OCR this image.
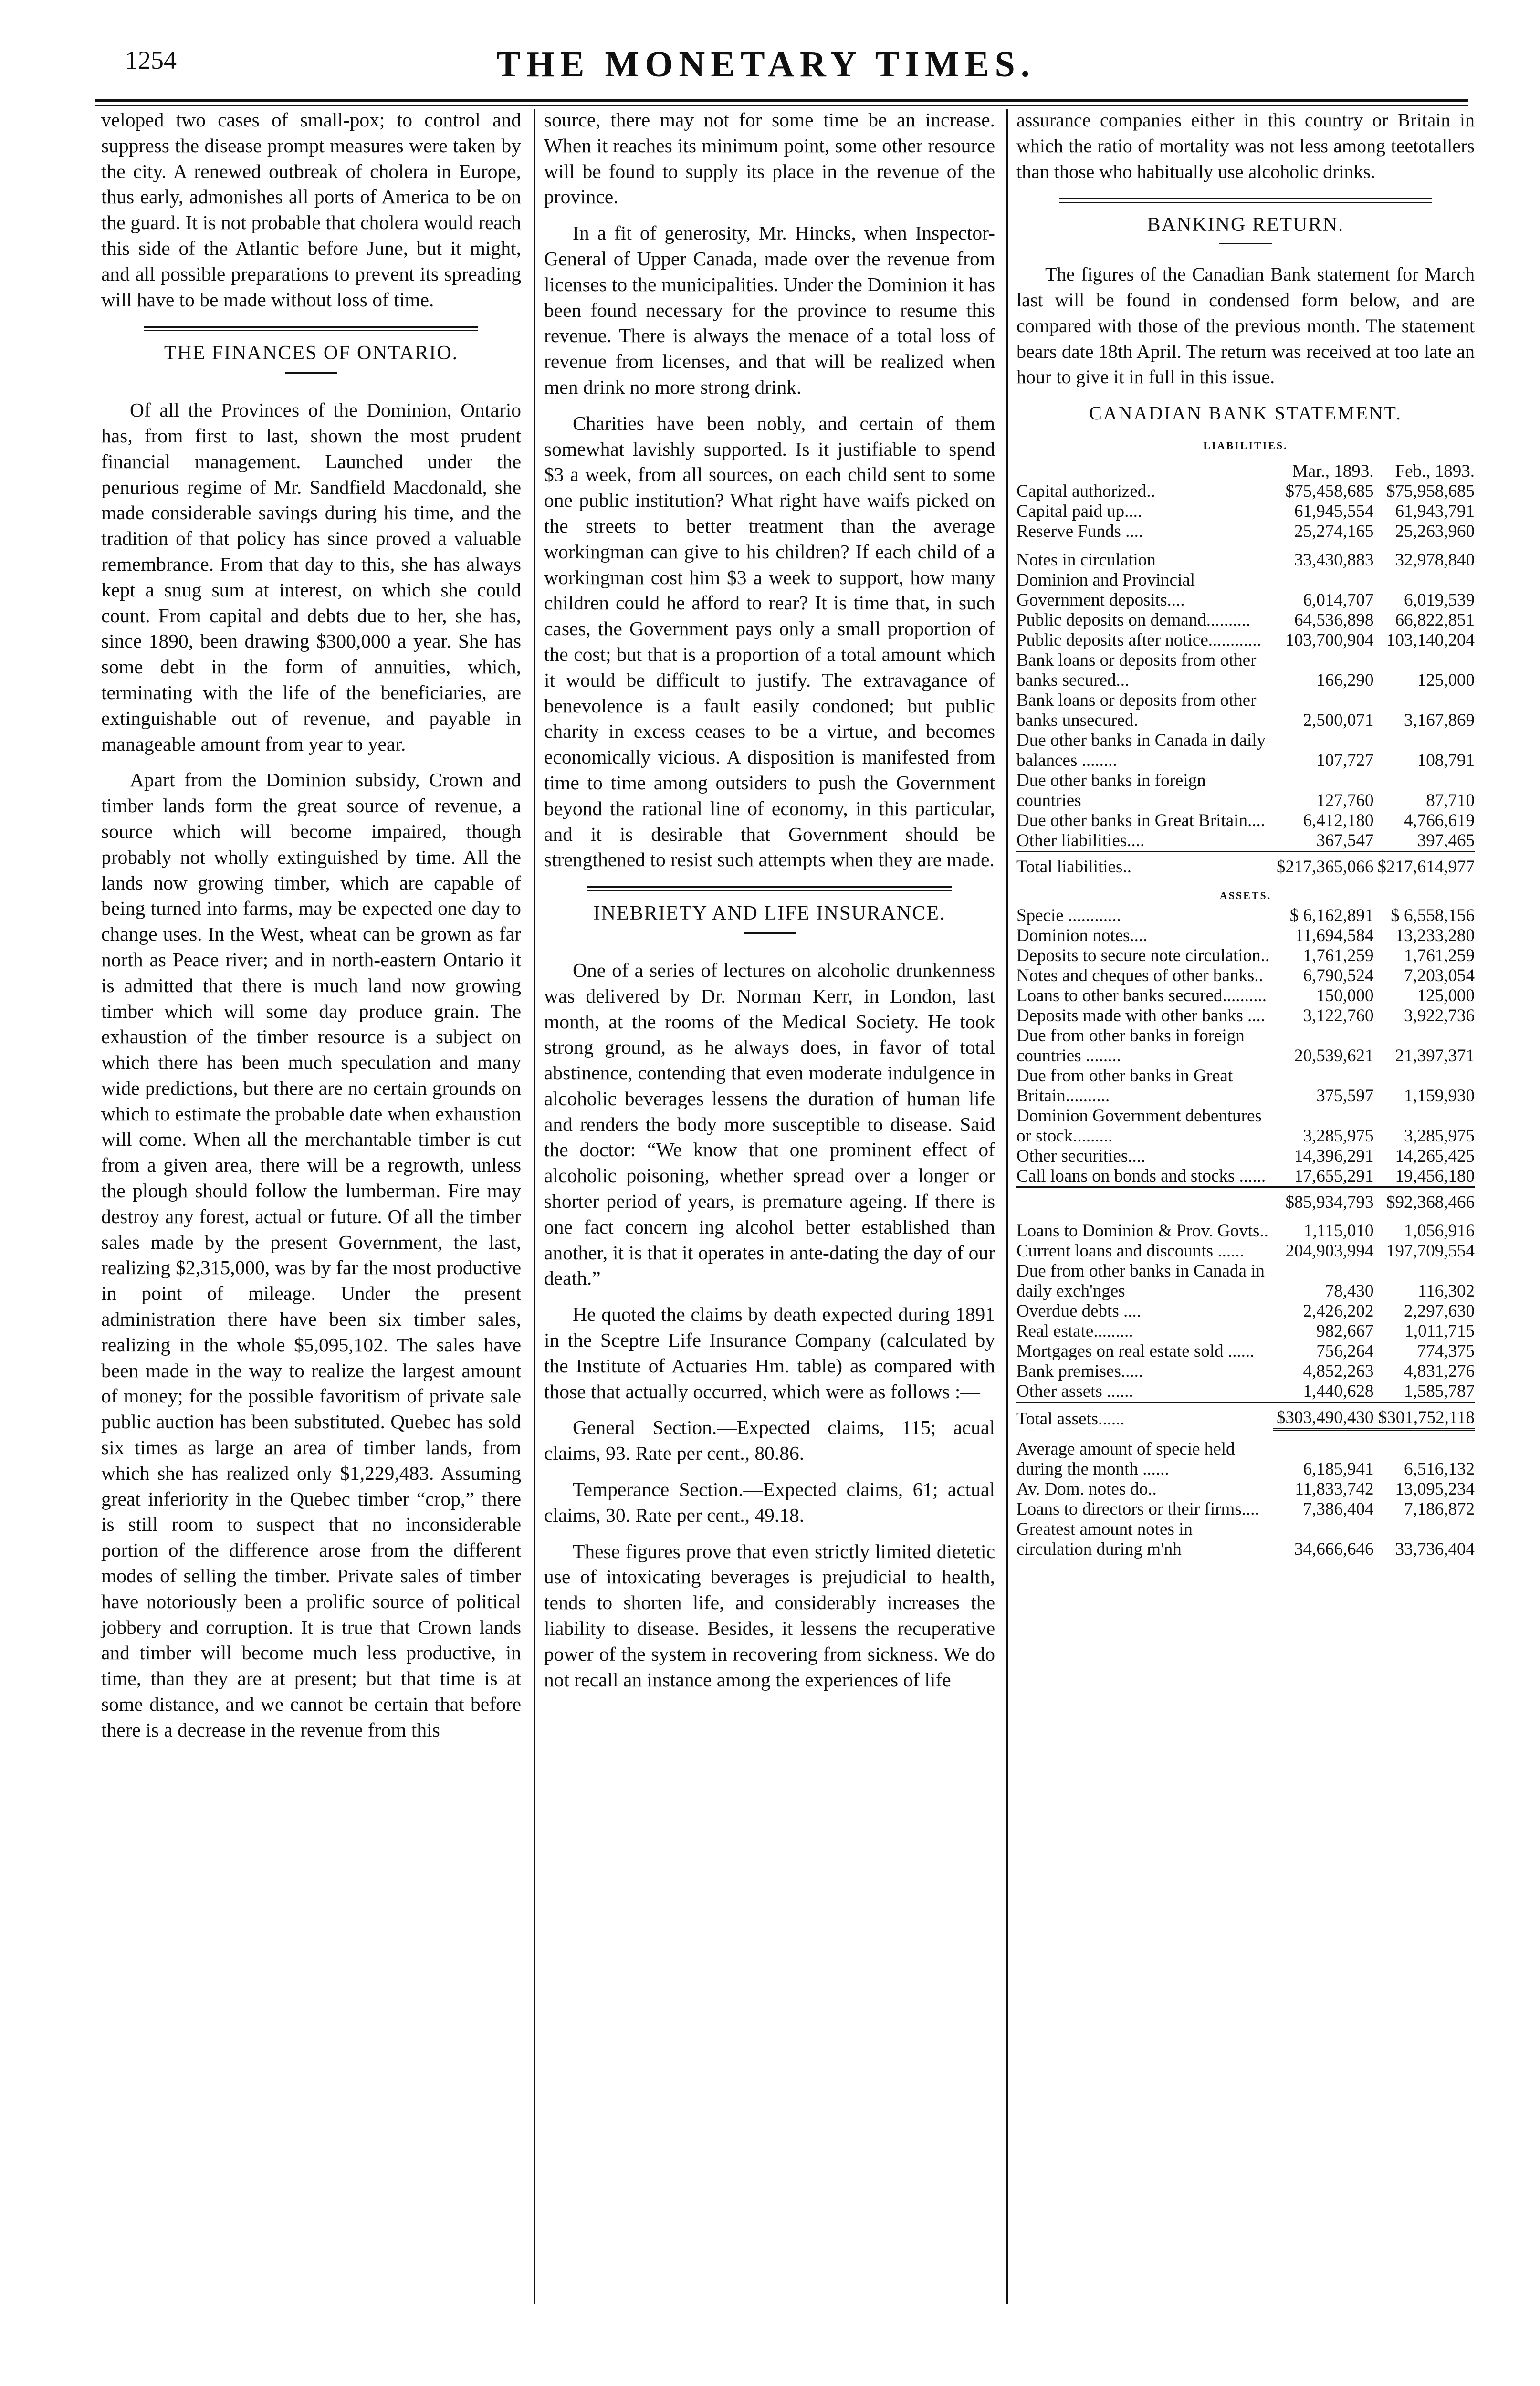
1254	THE MONETARY TIMES.

veloped two cases of small-pox; to control and suppress the disease prompt measures were taken by the city. A renewed outbreak of cholera in Europe, thus early, admonishes all ports of America to be on the guard. It is not probable that cholera would reach this side of the Atlantic before June, but it might, and all possible preparations to prevent its spreading will have to be made without loss of time.

THE FINANCES OF ONTARIO.

Of all the Provinces of the Dominion, Ontario has, from first to last, shown the most prudent financial management. Launched under the penurious regime of Mr. Sandfield Macdonald, she made considerable savings during his time, and the tradition of that policy has since proved a valuable remembrance. From that day to this, she has always kept a snug sum at interest, on which she could count. From capital and debts due to her, she has, since 1890, been drawing $300,000 a year. She has some debt in the form of annuities, which, terminating with the life of the beneficiaries, are extinguishable out of revenue, and payable in manageable amount from year to year.

Apart from the Dominion subsidy, Crown and timber lands form the great source of revenue, a source which will become impaired, though probably not wholly extinguished by time. All the lands now growing timber, which are capable of being turned into farms, may be expected one day to change uses. In the West, wheat can be grown as far north as Peace river; and in north-eastern Ontario it is admitted that there is much land now growing timber which will some day produce grain. The exhaustion of the timber resource is a subject on which there has been much speculation and many wide predictions, but there are no certain grounds on which to estimate the probable date when exhaustion will come. When all the merchantable timber is cut from a given area, there will be a regrowth, unless the plough should follow the lumberman. Fire may destroy any forest, actual or future. Of all the timber sales made by the present Government, the last, realizing $2,315,000, was by far the most productive in point of mileage. Under the present administration there have been six timber sales, realizing in the whole $5,095,102. The sales have been made in the way to realize the largest amount of money; for the possible favoritism of private sale public auction has been substituted. Quebec has sold six times as large an area of timber lands, from which she has realized only $1,229,483. Assuming great inferiority in the Quebec timber “crop,” there is still room to suspect that no inconsiderable portion of the difference arose from the different modes of selling the timber. Private sales of timber have notoriously been a prolific source of political jobbery and corruption. It is true that Crown lands and timber will become much less productive, in time, than they are at present; but that time is at some distance, and we cannot be certain that before there is a decrease in the revenue from this

source, there may not for some time be an increase. When it reaches its minimum point, some other resource will be found to supply its place in the revenue of the province.

In a fit of generosity, Mr. Hincks, when Inspector-General of Upper Canada, made over the revenue from licenses to the municipalities. Under the Dominion it has been found necessary for the province to resume this revenue. There is always the menace of a total loss of revenue from licenses, and that will be realized when men drink no more strong drink.

Charities have been nobly, and certain of them somewhat lavishly supported. Is it justifiable to spend $3 a week, from all sources, on each child sent to some one public institution? What right have waifs picked on the streets to better treatment than the average workingman can give to his children? If each child of a workingman cost him $3 a week to support, how many children could he afford to rear? It is time that, in such cases, the Government pays only a small proportion of the cost; but that is a proportion of a total amount which it would be difficult to justify. The extravagance of benevolence is a fault easily condoned; but public charity in excess ceases to be a virtue, and becomes economically vicious. A disposition is manifested from time to time among outsiders to push the Government beyond the rational line of economy, in this particular, and it is desirable that Government should be strengthened to resist such attempts when they are made.

INEBRIETY AND LIFE INSURANCE.

One of a series of lectures on alcoholic drunkenness was delivered by Dr. Norman Kerr, in London, last month, at the rooms of the Medical Society. He took strong ground, as he always does, in favor of total abstinence, contending that even moderate indulgence in alcoholic beverages lessens the duration of human life and renders the body more susceptible to disease. Said the doctor: “We know that one prominent effect of alcoholic poisoning, whether spread over a longer or shorter period of years, is premature ageing. If there is one fact concern ing alcohol better established than another, it is that it operates in ante-dating the day of our death.”

He quoted the claims by death expected during 1891 in the Sceptre Life Insurance Company (calculated by the Institute of Actuaries Hm. table) as compared with those that actually occurred, which were as follows :—

General Section.—Expected claims, 115; acual claims, 93. Rate per cent., 80.86.

Temperance Section.—Expected claims, 61; actual claims, 30. Rate per cent., 49.18.

These figures prove that even strictly limited dietetic use of intoxicating beverages is prejudicial to health, tends to shorten life, and considerably increases the liability to disease. Besides, it lessens the recuperative power of the system in recovering from sickness. We do not recall an instance among the experiences of life

assurance companies either in this country or Britain in which the ratio of mortality was not less among teetotallers than those who habitually use alcoholic drinks.

BANKING RETURN.

The figures of the Canadian Bank statement for March last will be found in condensed form below, and are compared with those of the previous month. The statement bears date 18th April. The return was received at too late an hour to give it in full in this issue.

CANADIAN BANK STATEMENT.
LIABILITIES.
	Mar., 1893.	Feb., 1893.
Capital authorized..	$75,458,685	$75,958,685
Capital paid up....	61,945,554	61,943,791
Reserve Funds ....	25,274,165	25,263,960

Notes in circulation	33,430,883	32,978,840
Dominion and Provincial Government deposits....	6,014,707	6,019,539
Public deposits on demand..........	64,536,898	66,822,851
Public deposits after notice............	103,700,904	103,140,204
Bank loans or deposits from other banks secured...	166,290	125,000
Bank loans or deposits from other banks unsecured.	2,500,071	3,167,869
Due other banks in Canada in daily balances ........	107,727	108,791
Due other banks in foreign countries	127,760	87,710
Due other banks in Great Britain....	6,412,180	4,766,619
Other liabilities....	367,547	397,465
Total liabilities..	$217,365,066	$217,614,977

ASSETS.		
Specie ............	$ 6,162,891	$ 6,558,156
Dominion notes....	11,694,584	13,233,280
Deposits to secure note circulation..	1,761,259	1,761,259
Notes and cheques of other banks..	6,790,524	7,203,054
Loans to other banks secured..........	150,000	125,000
Deposits made with other banks ....	3,122,760	3,922,736
Due from other banks in foreign countries ........	20,539,621	21,397,371
Due from other banks in Great Britain..........	375,597	1,159,930
Dominion Government debentures or stock.........	3,285,975	3,285,975
Other securities....	14,396,291	14,265,425
Call loans on bonds and stocks ......	17,655,291	19,456,180
	$85,934,793	$92,368,466

Loans to Dominion & Prov. Govts..	1,115,010	1,056,916
Current loans and discounts ......	204,903,994	197,709,554
Due from other banks in Canada in daily exch'nges	78,430	116,302
Overdue debts ....	2,426,202	2,297,630
Real estate.........	982,667	1,011,715
Mortgages on real estate sold ......	756,264	774,375
Bank premises.....	4,852,263	4,831,276
Other assets ......	1,440,628	1,585,787
Total assets......	$303,490,430	$301,752,118

Average amount of specie held during the month ......	6,185,941	6,516,132
Av. Dom. notes do..	11,833,742	13,095,234
Loans to directors or their firms....	7,386,404	7,186,872
Greatest amount notes in circulation during m'nh	34,666,646	33,736,404
